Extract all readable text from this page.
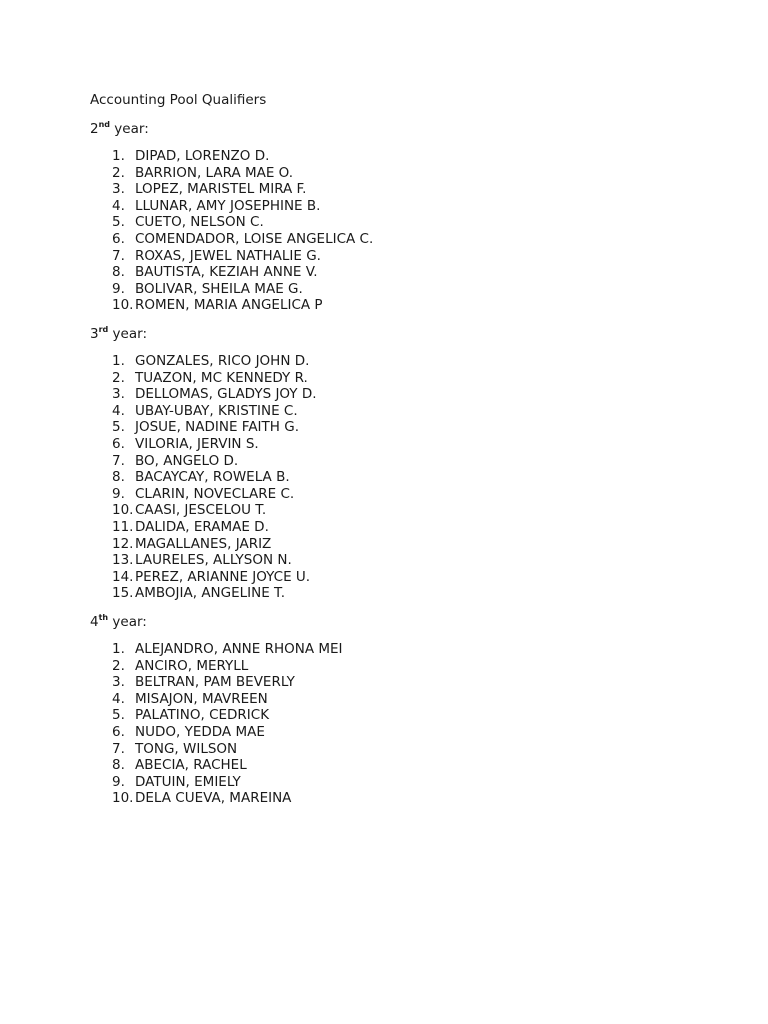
Accounting Pool Qualifiers
2nd year:
1. DIPAD, LORENZO D.
2. BARRION, LARA MAE O.
3. LOPEZ, MARISTEL MIRA F.
4. LLUNAR, AMY JOSEPHINE B.
5. CUETO, NELSON C.
6. COMENDADOR, LOISE ANGELICA C.
7. ROXAS, JEWEL NATHALIE G.
8. BAUTISTA, KEZIAH ANNE V.
9. BOLIVAR, SHEILA MAE G.
10. ROMEN, MARIA ANGELICA P
3rd year:
1. GONZALES, RICO JOHN D.
2. TUAZON, MC KENNEDY R.
3. DELLOMAS, GLADYS JOY D.
4. UBAY-UBAY, KRISTINE C.
5. JOSUE, NADINE FAITH G.
6. VILORIA, JERVIN S.
7. BO, ANGELO D.
8. BACAYCAY, ROWELA B.
9. CLARIN, NOVECLARE C.
10. CAASI, JESCELOU T.
11. DALIDA, ERAMAE D.
12. MAGALLANES, JARIZ
13. LAURELES, ALLYSON N.
14. PEREZ, ARIANNE JOYCE U.
15. AMBOJIA, ANGELINE T.
4th year:
1. ALEJANDRO, ANNE RHONA MEI
2. ANCIRO, MERYLL
3. BELTRAN, PAM BEVERLY
4. MISAJON, MAVREEN
5. PALATINO, CEDRICK
6. NUDO, YEDDA MAE
7. TONG, WILSON
8. ABECIA, RACHEL
9. DATUIN, EMIELY
10. DELA CUEVA, MAREINA
